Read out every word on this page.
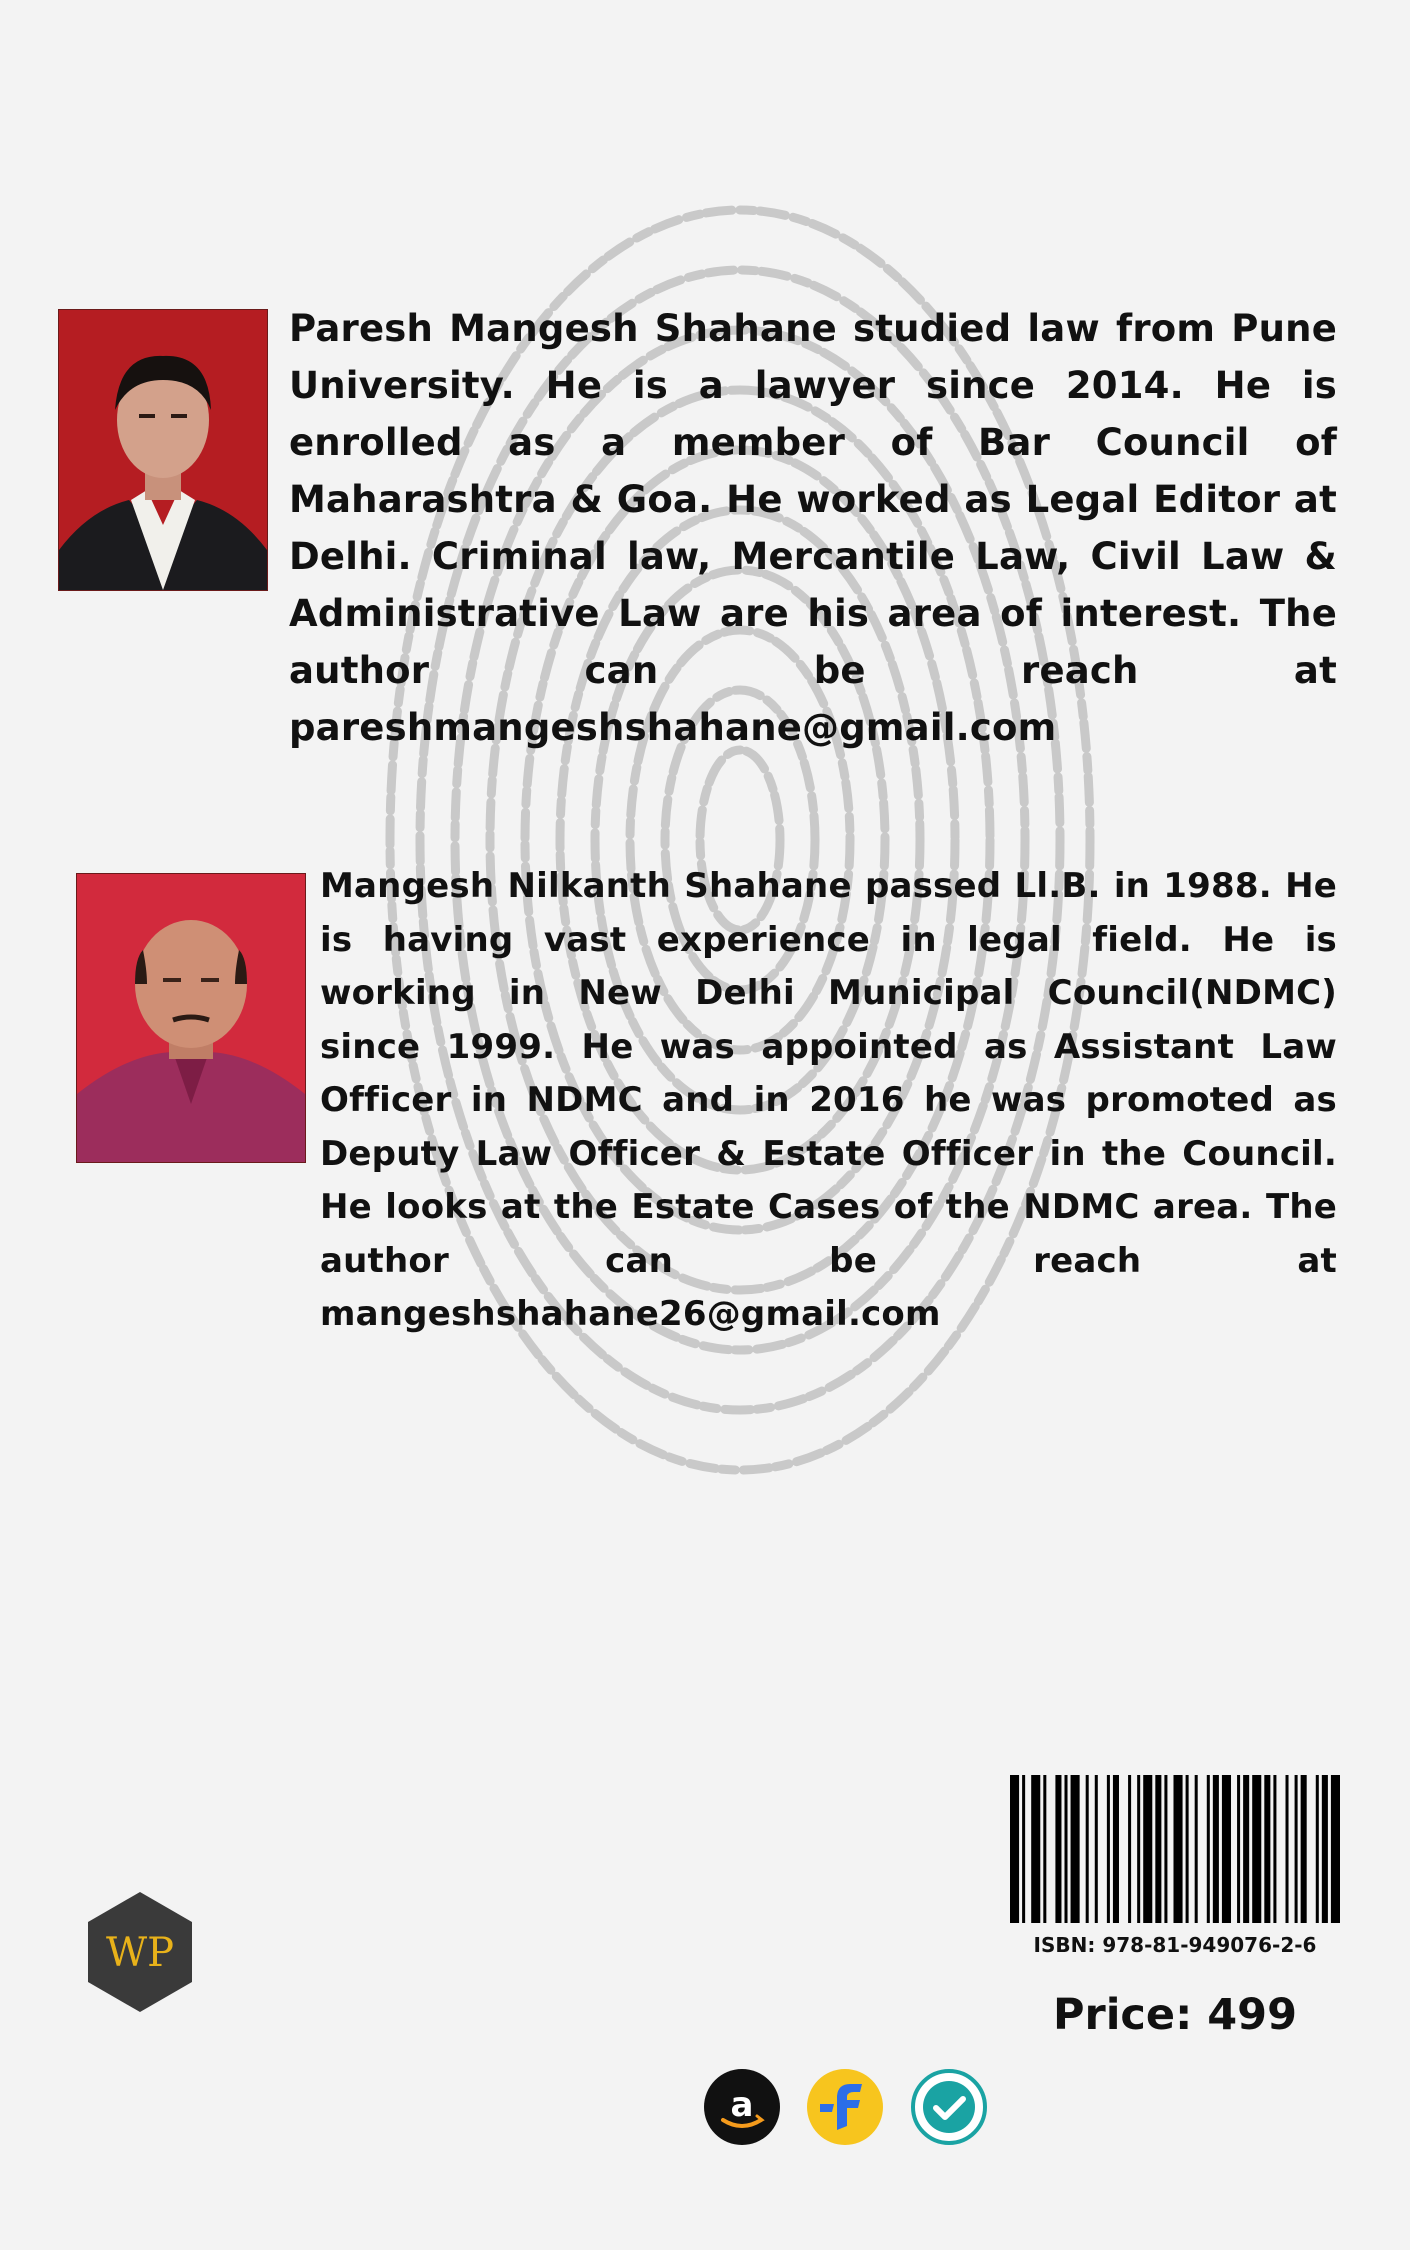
Paresh Mangesh Shahane studied law from Pune University. He is a lawyer since 2014. He is enrolled as a member of Bar Council of Maharashtra & Goa. He worked as Legal Editor at Delhi. Criminal law, Mercantile Law, Civil Law & Administrative Law are his area of interest. The author can be reach at pareshmangeshshahane@gmail.com

Mangesh Nilkanth Shahane passed Ll.B. in 1988. He is having vast experience in legal field. He is working in New Delhi Municipal Council(NDMC) since 1999. He was appointed as Assistant Law Officer in NDMC and in 2016 he was promoted as Deputy Law Officer & Estate Officer in the Council. He looks at the Estate Cases of the NDMC area. The author can be reach at mangeshshahane26@gmail.com

WP	ISBN: 978-81-949076-2-6
Price: 499
a
